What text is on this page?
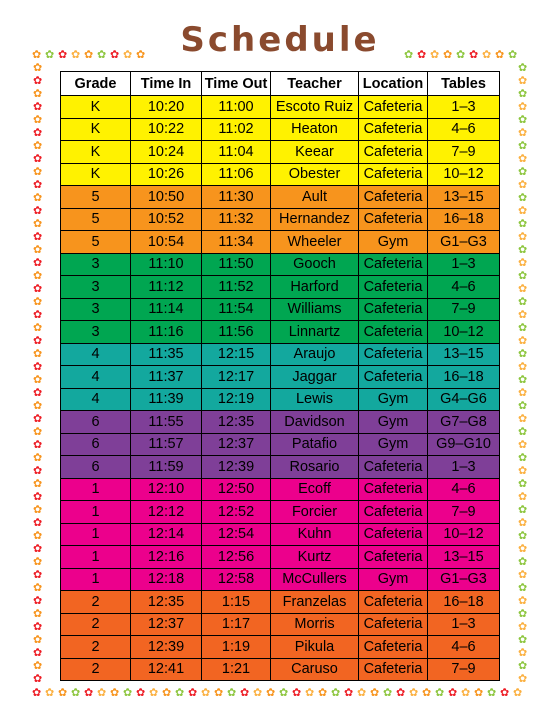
✿ ✿ ✿ ✿ ✿ ✿ ✿ ✿ ✿	✿ ✿ ✿ ✿ ✿ ✿ ✿ ✿ ✿
✿ ✿ ✿ ✿ ✿ ✿ ✿ ✿ ✿ ✿ ✿ ✿ ✿ ✿ ✿ ✿ ✿ ✿ ✿ ✿ ✿ ✿ ✿ ✿ ✿ ✿ ✿ ✿ ✿ ✿ ✿ ✿ ✿ ✿ ✿ ✿ ✿ ✿
✿	✿
✿	✿
✿	✿
✿	✿
✿	✿
✿	✿
✿	✿
✿	✿
✿	✿
✿	✿
✿	✿
✿	✿
✿	✿
✿	✿
✿	✿
✿	✿
✿	✿
✿	✿
✿	✿
✿	✿
✿	✿
✿	✿
✿	✿
✿	✿
✿	✿
✿	✿
✿	✿
✿	✿
✿	✿
✿	✿
✿	✿
✿	✿
✿	✿
✿	✿
✿	✿
✿	✿
✿	✿
✿	✿
✿	✿
✿	✿
✿	✿
✿	✿
✿	✿
✿	✿
✿	✿
✿	✿
✿	✿
✿	✿
Schedule
Grade	Time In	Time Out	Teacher	Location	Tables
K	10:20	11:00	Escoto Ruiz	Cafeteria	1–3
K	10:22	11:02	Heaton	Cafeteria	4–6
K	10:24	11:04	Keear	Cafeteria	7–9
K	10:26	11:06	Obester	Cafeteria	10–12
5	10:50	11:30	Ault	Cafeteria	13–15
5	10:52	11:32	Hernandez	Cafeteria	16–18
5	10:54	11:34	Wheeler	Gym	G1–G3
3	11:10	11:50	Gooch	Cafeteria	1–3
3	11:12	11:52	Harford	Cafeteria	4–6
3	11:14	11:54	Williams	Cafeteria	7–9
3	11:16	11:56	Linnartz	Cafeteria	10–12
4	11:35	12:15	Araujo	Cafeteria	13–15
4	11:37	12:17	Jaggar	Cafeteria	16–18
4	11:39	12:19	Lewis	Gym	G4–G6
6	11:55	12:35	Davidson	Gym	G7–G8
6	11:57	12:37	Patafio	Gym	G9–G10
6	11:59	12:39	Rosario	Cafeteria	1–3
1	12:10	12:50	Ecoff	Cafeteria	4–6
1	12:12	12:52	Forcier	Cafeteria	7–9
1	12:14	12:54	Kuhn	Cafeteria	10–12
1	12:16	12:56	Kurtz	Cafeteria	13–15
1	12:18	12:58	McCullers	Gym	G1–G3
2	12:35	1:15	Franzelas	Cafeteria	16–18
2	12:37	1:17	Morris	Cafeteria	1–3
2	12:39	1:19	Pikula	Cafeteria	4–6
2	12:41	1:21	Caruso	Cafeteria	7–9
